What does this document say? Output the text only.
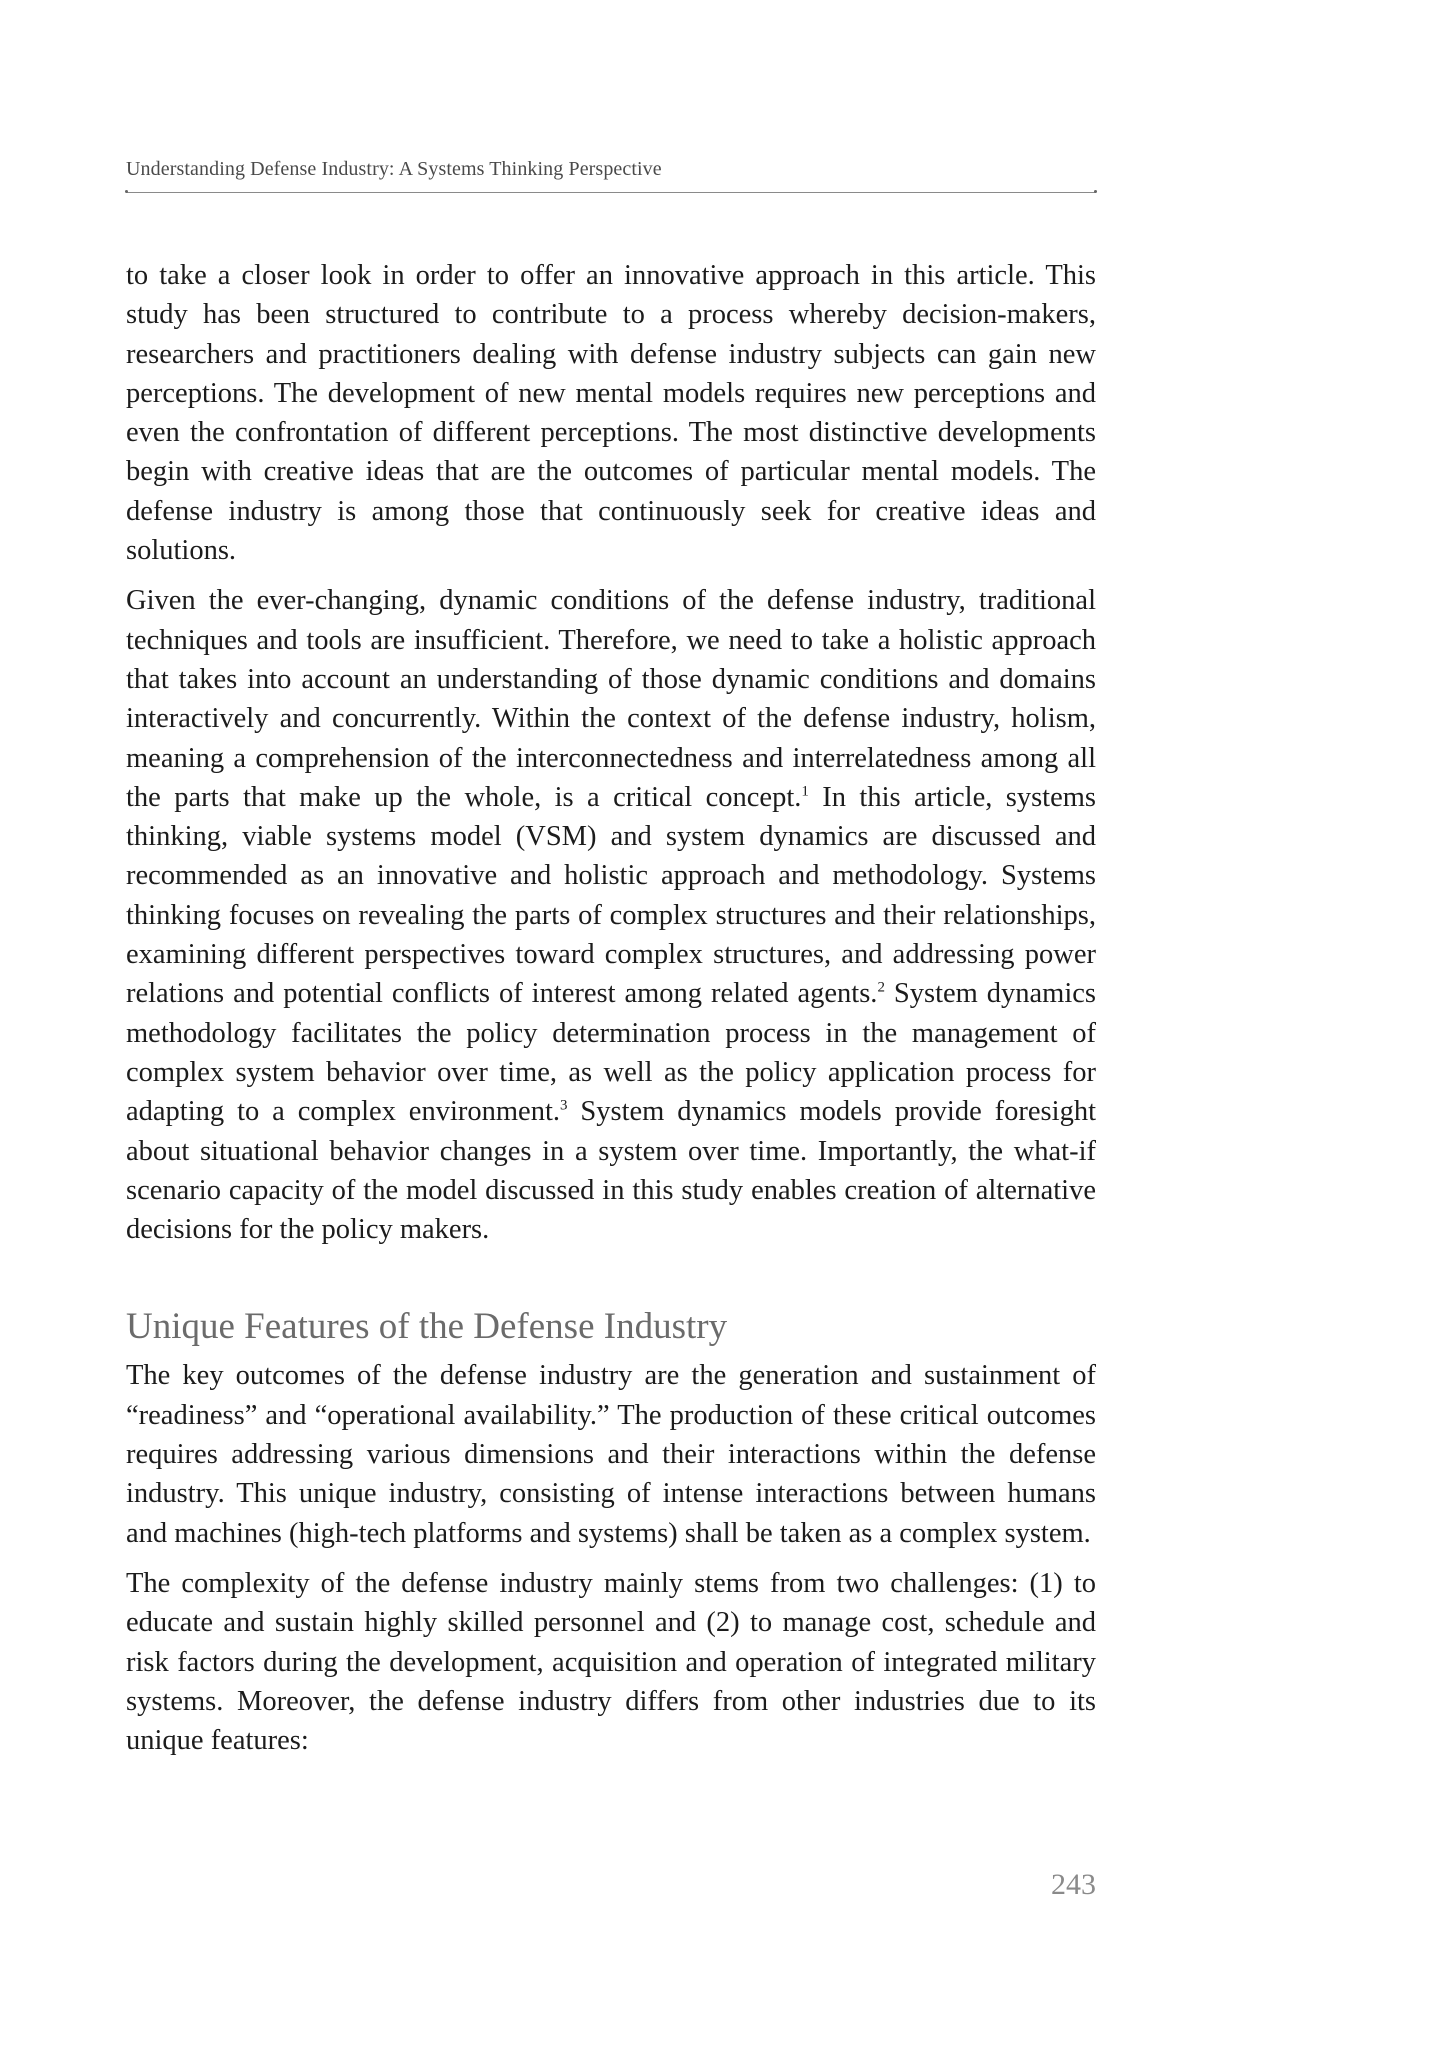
Understanding Defense Industry: A Systems Thinking Perspective

to take a closer look in order to offer an innovative approach in this article. This study has been structured to contribute to a process whereby decision-makers, researchers and practitioners dealing with defense industry subjects can gain new perceptions. The development of new mental models requires new perceptions and even the confrontation of different perceptions. The most distinctive developments begin with creative ideas that are the outcomes of particular mental models. The defense industry is among those that continuously seek for creative ideas and solutions.

Given the ever-changing, dynamic conditions of the defense industry, traditional techniques and tools are insufficient. Therefore, we need to take a holistic approach that takes into account an understanding of those dynamic conditions and domains interactively and concurrently. Within the context of the defense industry, holism, meaning a comprehension of the interconnectedness and interrelatedness among all the parts that make up the whole, is a critical concept.$^1$ In this article, systems thinking, viable systems model (VSM) and system dynamics are discussed and recommended as an innovative and holistic approach and methodology. Systems thinking focuses on revealing the parts of complex structures and their relationships, examining different perspectives toward complex structures, and addressing power relations and potential conflicts of interest among related agents.$^2$ System dynamics methodology facilitates the policy determination process in the management of complex system behavior over time, as well as the policy application process for adapting to a complex environment.$^3$ System dynamics models provide foresight about situational behavior changes in a system over time. Importantly, the what-if scenario capacity of the model discussed in this study enables creation of alternative decisions for the policy makers.

Unique Features of the Defense Industry

The key outcomes of the defense industry are the generation and sustainment of “readiness” and “operational availability.” The production of these critical outcomes requires addressing various dimensions and their interactions within the defense industry. This unique industry, consisting of intense interactions between humans and machines (high-tech platforms and systems) shall be taken as a complex system.

The complexity of the defense industry mainly stems from two challenges: (1) to educate and sustain highly skilled personnel and (2) to manage cost, schedule and risk factors during the development, acquisition and operation of integrated military systems. Moreover, the defense industry differs from other industries due to its unique features:

243
